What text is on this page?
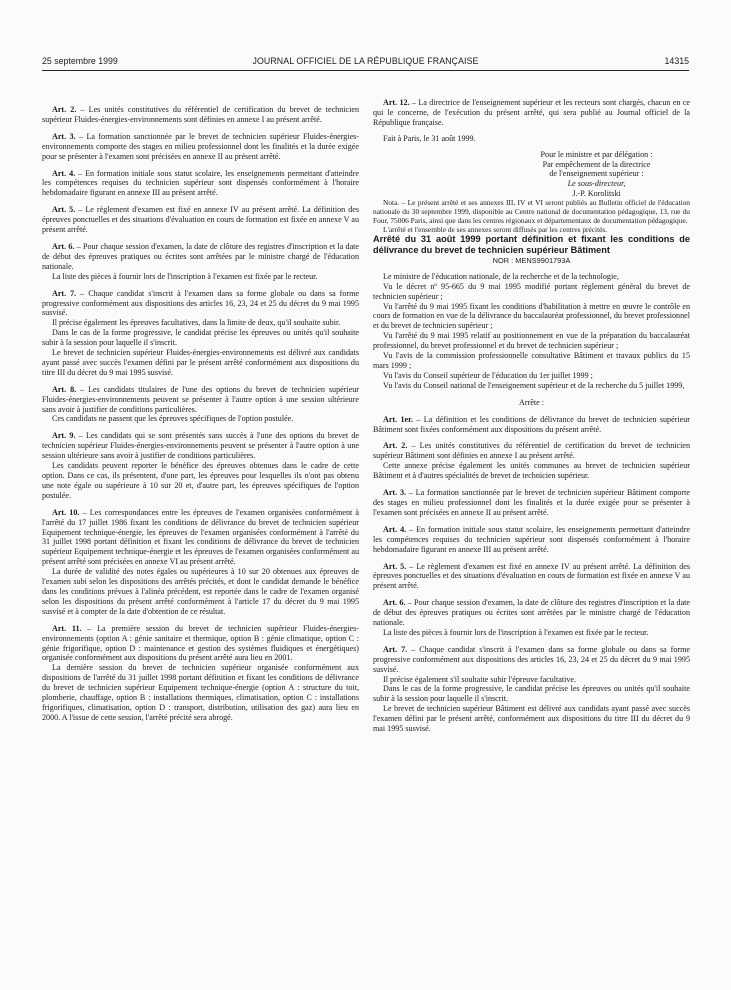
25 septembre 1999	JOURNAL OFFICIEL DE LA RÉPUBLIQUE FRANÇAISE	14315

Art. 2. – Les unités constitutives du référentiel de certification du brevet de technicien supérieur Fluides-énergies-environnements sont définies en annexe I au présent arrêté.

Art. 3. – La formation sanctionnée par le brevet de technicien supérieur Fluides-énergies-environnements comporte des stages en milieu professionnel dont les finalités et la durée exigée pour se présenter à l'examen sont précisées en annexe II au présent arrêté.

Art. 4. – En formation initiale sous statut scolaire, les enseignements permettant d'atteindre les compétences requises du technicien supérieur sont dispensés conformément à l'horaire hebdomadaire figurant en annexe III au présent arrêté.

Art. 5. – Le règlement d'examen est fixé en annexe IV au présent arrêté. La définition des épreuves ponctuelles et des situations d'évaluation en cours de formation est fixée en annexe V au présent arrêté.

Art. 6. – Pour chaque session d'examen, la date de clôture des registres d'inscription et la date de début des épreuves pratiques ou écrites sont arrêtées par le ministre chargé de l'éducation nationale.

La liste des pièces à fournir lors de l'inscription à l'examen est fixée par le recteur.

Art. 7. – Chaque candidat s'inscrit à l'examen dans sa forme globale ou dans sa forme progressive conformément aux dispositions des articles 16, 23, 24 et 25 du décret du 9 mai 1995 susvisé.

Il précise également les épreuves facultatives, dans la limite de deux, qu'il souhaite subir.

Dans le cas de la forme progressive, le candidat précise les épreuves ou unités qu'il souhaite subir à la session pour laquelle il s'inscrit.

Le brevet de technicien supérieur Fluides-énergies-environnements est délivré aux candidats ayant passé avec succès l'examen défini par le présent arrêté conformément aux dispositions du titre III du décret du 9 mai 1995 susvisé.

Art. 8. – Les candidats titulaires de l'une des options du brevet de technicien supérieur Fluides-énergies-environnements peuvent se présenter à l'autre option à une session ultérieure sans avoir à justifier de conditions particulières.

Ces candidats ne passent que les épreuves spécifiques de l'option postulée.

Art. 9. – Les candidats qui se sont présentés sans succès à l'une des options du brevet de technicien supérieur Fluides-énergies-environnements peuvent se présenter à l'autre option à une session ultérieure sans avoir à justifier de conditions particulières.

Les candidats peuvent reporter le bénéfice des épreuves obtenues dans le cadre de cette option. Dans ce cas, ils présentent, d'une part, les épreuves pour lesquelles ils n'ont pas obtenu une note égale ou supérieure à 10 sur 20 et, d'autre part, les épreuves spécifiques de l'option postulée.

Art. 10. – Les correspondances entre les épreuves de l'examen organisées conformément à l'arrêté du 17 juillet 1986 fixant les conditions de délivrance du brevet de technicien supérieur Equipement technique-énergie, les épreuves de l'examen organisées conformément à l'arrêté du 31 juillet 1998 portant définition et fixant les conditions de délivrance du brevet de technicien supérieur Equipement technique-énergie et les épreuves de l'examen organisées conformément au présent arrêté sont précisées en annexe VI au présent arrêté.

La durée de validité des notes égales ou supérieures à 10 sur 20 obtenues aux épreuves de l'examen subi selon les dispositions des arrêtés précités, et dont le candidat demande le bénéfice dans les conditions prévues à l'alinéa précédent, est reportée dans le cadre de l'examen organisé selon les dispositions du présent arrêté conformément à l'article 17 du décret du 9 mai 1995 susvisé et à compter de la date d'obtention de ce résultat.

Art. 11. – La première session du brevet de technicien supérieur Fluides-énergies-environnements (option A : génie sanitaire et thermique, option B : génie climatique, option C : génie frigorifique, option D : maintenance et gestion des systèmes fluidiques et énergétiques) organisée conformément aux dispositions du présent arrêté aura lieu en 2001.

La dernière session du brevet de technicien supérieur organisée conformément aux dispositions de l'arrêté du 31 juillet 1998 portant définition et fixant les conditions de délivrance du brevet de technicien supérieur Equipement technique-énergie (option A : structure du toit, plomberie, chauffage, option B : installations thermiques, climatisation, option C : installations frigorifiques, climatisation, option D : transport, distribution, utilisation des gaz) aura lieu en 2000. A l'issue de cette session, l'arrêté précité sera abrogé.

Art. 12. – La directrice de l'enseignement supérieur et les recteurs sont chargés, chacun en ce qui le concerne, de l'exécution du présent arrêté, qui sera publié au Journal officiel de la République française.

Fait à Paris, le 31 août 1999.

Pour le ministre et par délégation :
Par empêchement de la directrice
de l'enseignement supérieur :
Le sous-directeur,
J.-P. Korolitski

Nota. – Le présent arrêté et ses annexes III, IV et VI seront publiés au Bulletin officiel de l'éducation nationale du 30 septembre 1999, disponible au Centre national de documentation pédagogique, 13, rue du Four, 75006 Paris, ainsi que dans les centres régionaux et départementaux de documentation pédagogique.

L'arrêté et l'ensemble de ses annexes seront diffusés par les centres précités.

Arrêté du 31 août 1999 portant définition et fixant les conditions de délivrance du brevet de technicien supérieur Bâtiment

NOR : MENS9901793A

Le ministre de l'éducation nationale, de la recherche et de la technologie,

Vu le décret nº 95-665 du 9 mai 1995 modifié portant règlement général du brevet de technicien supérieur ;

Vu l'arrêté du 9 mai 1995 fixant les conditions d'habilitation à mettre en œuvre le contrôle en cours de formation en vue de la délivrance du baccalauréat professionnel, du brevet professionnel et du brevet de technicien supérieur ;

Vu l'arrêté du 9 mai 1995 relatif au positionnement en vue de la préparation du baccalauréat professionnel, du brevet professionnel et du brevet de technicien supérieur ;

Vu l'avis de la commission professionnelle consultative Bâtiment et travaux publics du 15 mars 1999 ;

Vu l'avis du Conseil supérieur de l'éducation du 1er juillet 1999 ;

Vu l'avis du Conseil national de l'enseignement supérieur et de la recherche du 5 juillet 1999,

Arrête :

Art. 1er. – La définition et les conditions de délivrance du brevet de technicien supérieur Bâtiment sont fixées conformément aux dispositions du présent arrêté.

Art. 2. – Les unités constitutives du référentiel de certification du brevet de technicien supérieur Bâtiment sont définies en annexe I au présent arrêté.

Cette annexe précise également les unités communes au brevet de technicien supérieur Bâtiment et à d'autres spécialités de brevet de technicien supérieur.

Art. 3. – La formation sanctionnée par le brevet de technicien supérieur Bâtiment comporte des stages en milieu professionnel dont les finalités et la durée exigée pour se présenter à l'examen sont précisées en annexe II au présent arrêté.

Art. 4. – En formation initiale sous statut scolaire, les enseignements permettant d'atteindre les compétences requises du technicien supérieur sont dispensés conformément à l'horaire hebdomadaire figurant en annexe III au présent arrêté.

Art. 5. – Le règlement d'examen est fixé en annexe IV au présent arrêté. La définition des épreuves ponctuelles et des situations d'évaluation en cours de formation est fixée en annexe V au présent arrêté.

Art. 6. – Pour chaque session d'examen, la date de clôture des registres d'inscription et la date de début des épreuves pratiques ou écrites sont arrêtées par le ministre chargé de l'éducation nationale.

La liste des pièces à fournir lors de l'inscription à l'examen est fixée par le recteur.

Art. 7. – Chaque candidat s'inscrit à l'examen dans sa forme globale ou dans sa forme progressive conformément aux dispositions des articles 16, 23, 24 et 25 du décret du 9 mai 1995 susvisé.

Il précise également s'il souhaite subir l'épreuve facultative.

Dans le cas de la forme progressive, le candidat précise les épreuves ou unités qu'il souhaite subir à la session pour laquelle il s'inscrit.

Le brevet de technicien supérieur Bâtiment est délivré aux candidats ayant passé avec succès l'examen défini par le présent arrêté, conformément aux dispositions du titre III du décret du 9 mai 1995 susvisé.
